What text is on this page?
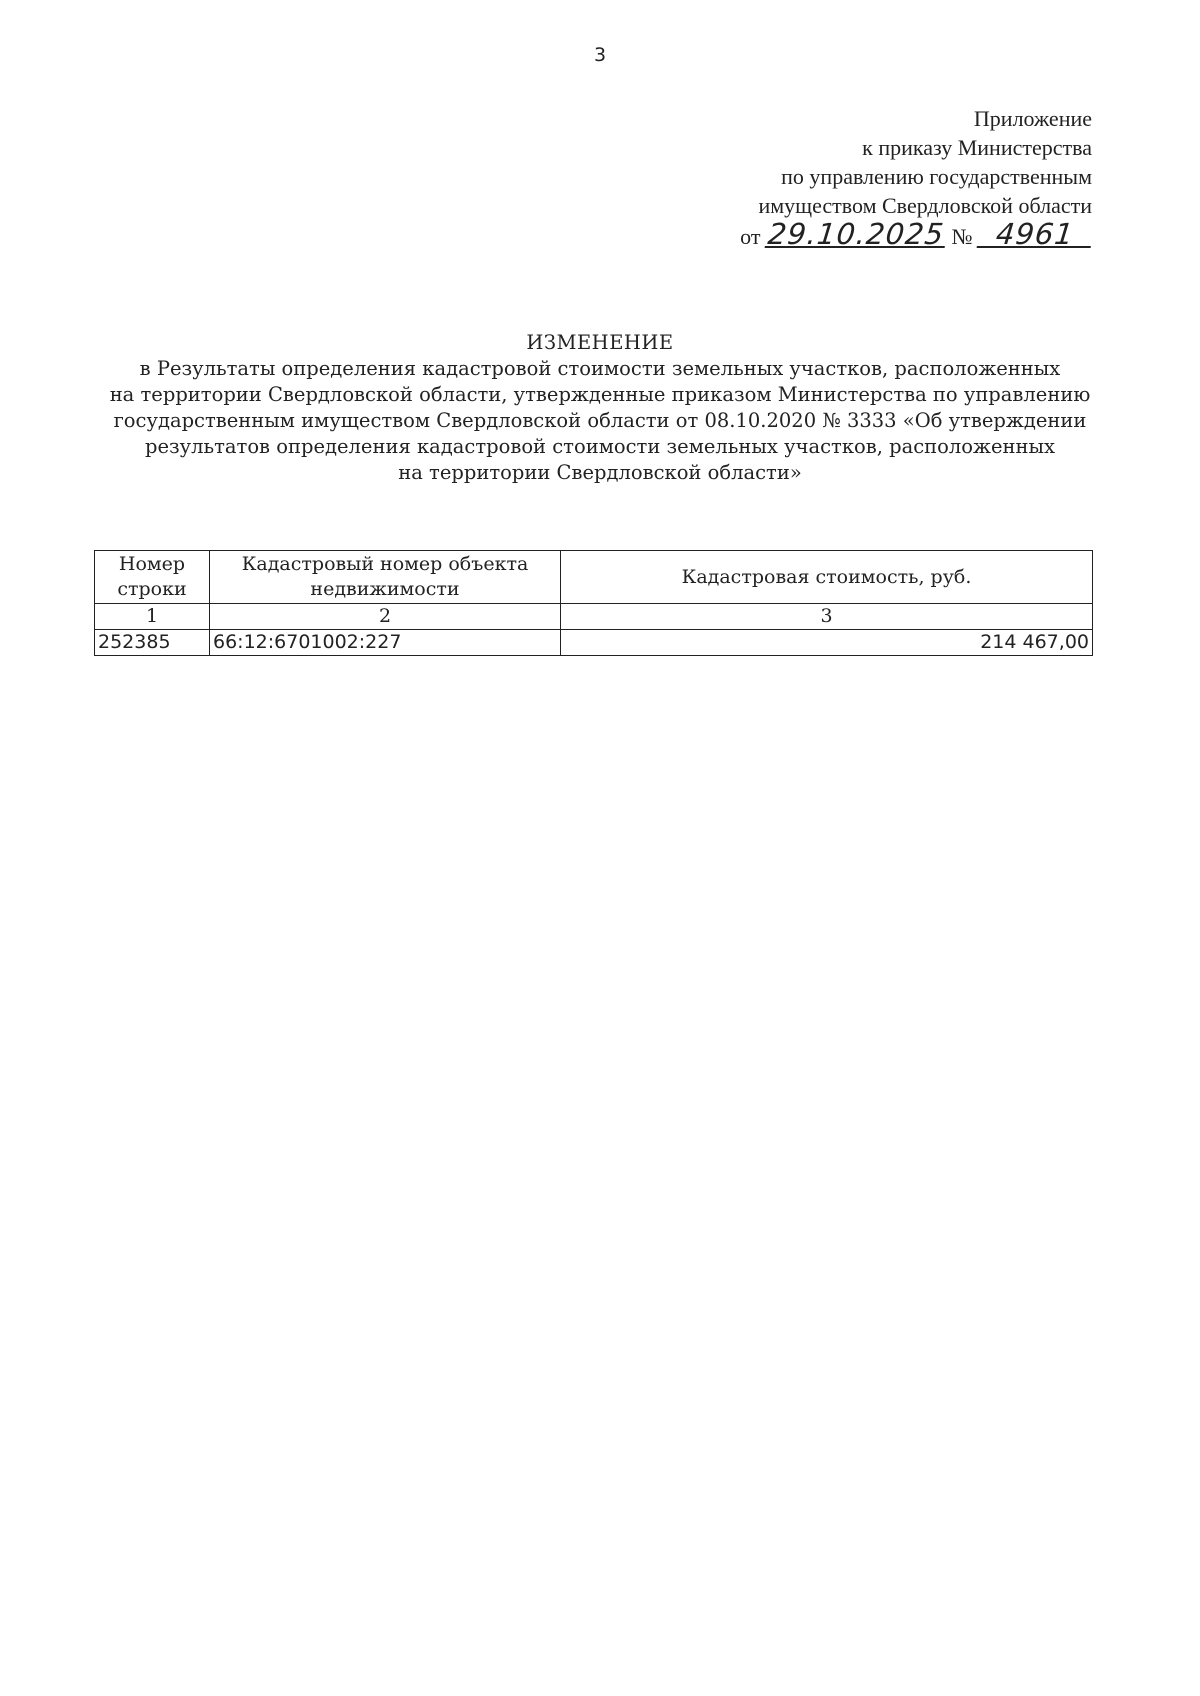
3
Приложение
к приказу Министерства
по управлению государственным
имуществом Свердловской области
от 29.10.2025 № 4961
ИЗМЕНЕНИЕ
в Результаты определения кадастровой стоимости земельных участков, расположенных
на территории Свердловской области, утвержденные приказом Министерства по управлению
государственным имуществом Свердловской области от 08.10.2020 № 3333 «Об утверждении
результатов определения кадастровой стоимости земельных участков, расположенных
на территории Свердловской области»
Номер строки	Кадастровый номер объекта недвижимости	Кадастровая стоимость, руб.
1	2	3
252385	66:12:6701002:227	214 467,00
